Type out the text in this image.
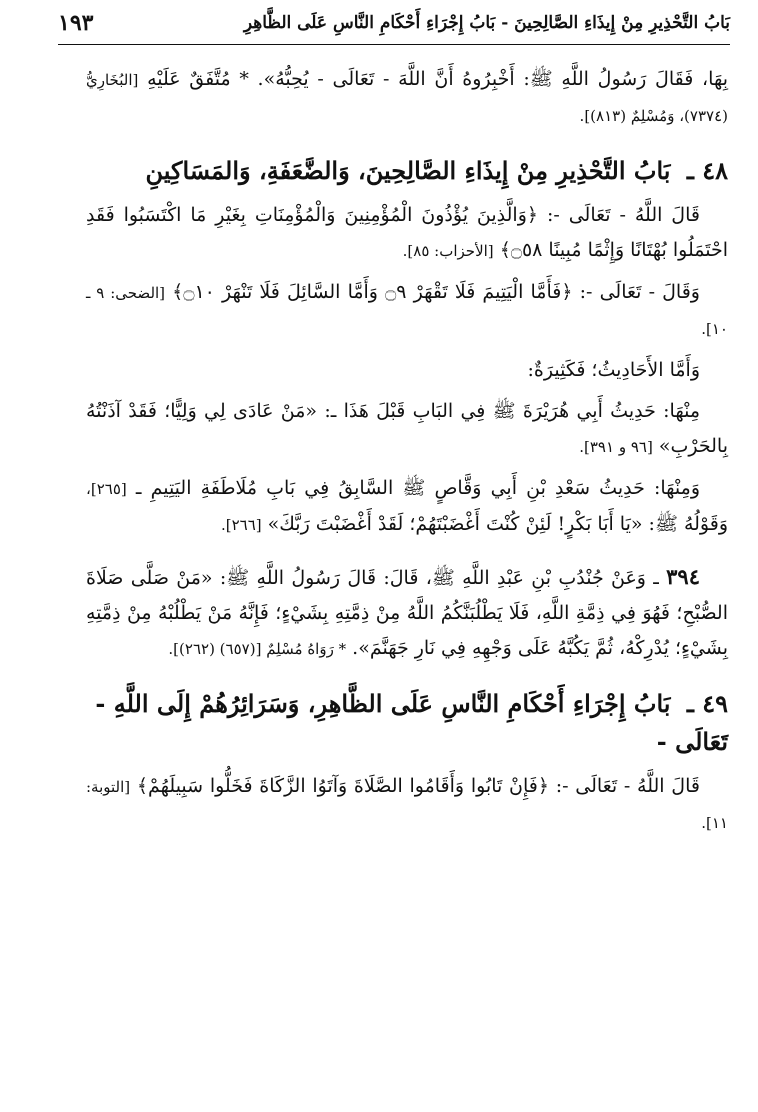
بَابُ التَّحْذِيرِ مِنْ إِيذَاءِ الصَّالِحِينَ - بَابُ إِجْرَاءِ أَحْكَامِ النَّاسِ عَلَى الظَّاهِرِ
١٩٣

بِهَا، فَقَالَ رَسُولُ اللَّهِ ﷺ: أَخْبِرُوهُ أَنَّ اللَّهَ - تَعَالَى - يُحِبُّهُ». * مُتَّفَقٌ عَلَيْهِ [البُخَارِيُّ (٧٣٧٤)، وَمُسْلِمٌ (٨١٣)].

٤٨ ـ بَابُ التَّحْذِيرِ مِنْ إِيذَاءِ الصَّالِحِينَ، وَالضَّعَفَةِ، وَالمَسَاكِينِ

قَالَ اللَّهُ - تَعَالَى -: ﴿وَالَّذِينَ يُؤْذُونَ الْمُؤْمِنِينَ وَالْمُؤْمِنَاتِ بِغَيْرِ مَا اكْتَسَبُوا فَقَدِ احْتَمَلُوا بُهْتَانًا وَإِثْمًا مُبِينًا ۝٥٨﴾ [الأحزاب: ٨٥].

وَقَالَ - تَعَالَى -: ﴿فَأَمَّا الْيَتِيمَ فَلَا تَقْهَرْ ۝٩ وَأَمَّا السَّائِلَ فَلَا تَنْهَرْ ۝١٠﴾ [الضحى: ٩ ـ ١٠].

وَأَمَّا الأَحَادِيثُ؛ فَكَثِيرَةٌ:

مِنْهَا: حَدِيثُ أَبِي هُرَيْرَةَ ﷺ فِي البَابِ قَبْلَ هَذَا ـ: «مَنْ عَادَى لِي وَلِيًّا؛ فَقَدْ آذَنْتُهُ بِالحَرْبِ» [٩٦ و ٣٩١].

وَمِنْهَا: حَدِيثُ سَعْدِ بْنِ أَبِي وَقَّاصٍ ﷺ السَّابِقُ فِي بَابِ مُلَاطَفَةِ اليَتِيمِ ـ [٢٦٥]، وَقَوْلُهُ ﷺ: «يَا أَبَا بَكْرٍ! لَئِنْ كُنْتَ أَغْضَبْتَهُمْ؛ لَقَدْ أَغْضَبْتَ رَبَّكَ» [٢٦٦].

٣٩٤ ـ وَعَنْ جُنْدُبِ بْنِ عَبْدِ اللَّهِ ﷺ، قَالَ: قَالَ رَسُولُ اللَّهِ ﷺ: «مَنْ صَلَّى صَلَاةَ الصُّبْحِ؛ فَهُوَ فِي ذِمَّةِ اللَّهِ، فَلَا يَطْلُبَنَّكُمُ اللَّهُ مِنْ ذِمَّتِهِ بِشَيْءٍ؛ فَإِنَّهُ مَنْ يَطْلُبْهُ مِنْ ذِمَّتِهِ بِشَيْءٍ؛ يُدْرِكْهُ، ثُمَّ يَكُبَّهُ عَلَى وَجْهِهِ فِي نَارِ جَهَنَّمَ». * رَوَاهُ مُسْلِمٌ [(٦٥٧) (٢٦٢)].

٤٩ ـ بَابُ إِجْرَاءِ أَحْكَامِ النَّاسِ عَلَى الظَّاهِرِ، وَسَرَائِرُهُمْ إِلَى اللَّهِ - تَعَالَى -

قَالَ اللَّهُ - تَعَالَى -: ﴿فَإِنْ تَابُوا وَأَقَامُوا الصَّلَاةَ وَآتَوُا الزَّكَاةَ فَخَلُّوا سَبِيلَهُمْ﴾ [التوبة: ١١].
